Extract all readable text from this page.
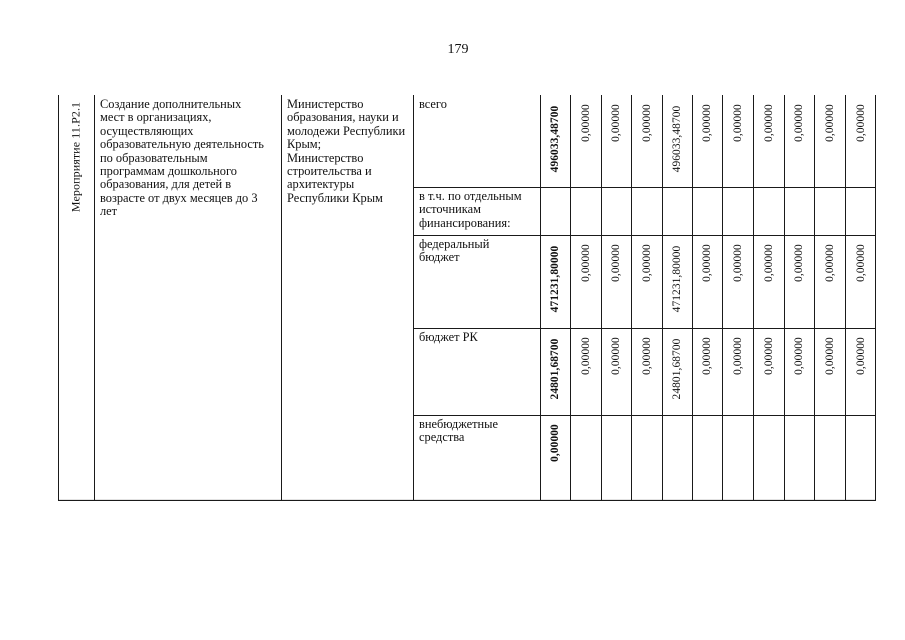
179
Мероприятие 11.Р2.1 Создание дополнительных
мест в организациях,
осуществляющих
образовательную деятельность
по образовательным
программам дошкольного
образования, для детей в
возрасте от двух месяцев до 3
лет
Министерство
образования, науки и
молодежи Республики
Крым;
Министерство
строительства и
архитектуры
Республики Крым
всего
в т.ч. по отдельным
источникам
финансирования:
федеральный
бюджет
бюджет РК
внебюджетные
средства
496033,48700 0,00000 0,00000 0,00000 496033,48700 0,00000 0,00000 0,00000 0,00000 0,00000 0,00000
471231,80000 0,00000 0,00000 0,00000 471231,80000 0,00000 0,00000 0,00000 0,00000 0,00000 0,00000
24801,68700 0,00000 0,00000 0,00000 24801,68700 0,00000 0,00000 0,00000 0,00000 0,00000 0,00000
0,00000
